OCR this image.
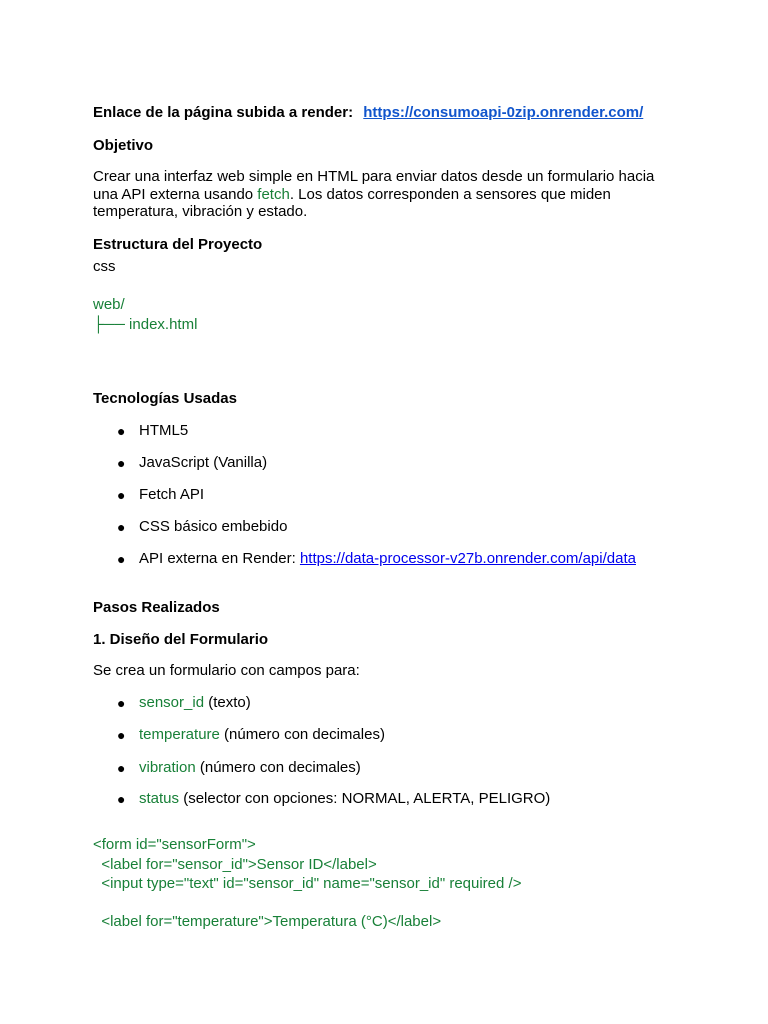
Enlace de la página subida a render: https://consumoapi-0zip.onrender.com/
Objetivo
Crear una interfaz web simple en HTML para enviar datos desde un formulario hacia
una API externa usando fetch. Los datos corresponden a sensores que miden
temperatura, vibración y estado.
Estructura del Proyecto
css
web/
├── index.html
Tecnologías Usadas
● HTML5
● JavaScript (Vanilla)
● Fetch API
● CSS básico embebido
● API externa en Render: https://data-processor-v27b.onrender.com/api/data
Pasos Realizados
1. Diseño del Formulario
Se crea un formulario con campos para:
● sensor_id (texto)
● temperature (número con decimales)
● vibration (número con decimales)
● status (selector con opciones: NORMAL, ALERTA, PELIGRO)
<form id="sensorForm">
<label for="sensor_id">Sensor ID</label>
<input type="text" id="sensor_id" name="sensor_id" required />
<label for="temperature">Temperatura (°C)</label>
